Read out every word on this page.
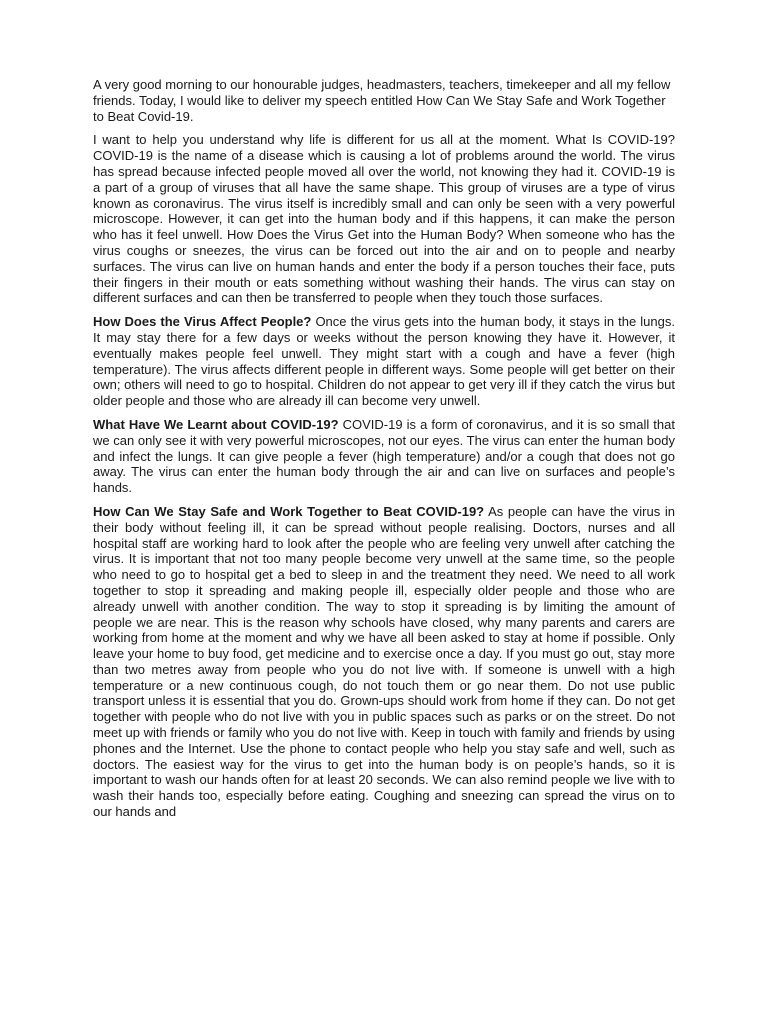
A very good morning to our honourable judges, headmasters, teachers, timekeeper and all my fellow friends. Today, I would like to deliver my speech entitled How Can We Stay Safe and Work Together to Beat Covid-19.

I want to help you understand why life is different for us all at the moment. What Is COVID-19? COVID-19 is the name of a disease which is causing a lot of problems around the world. The virus has spread because infected people moved all over the world, not knowing they had it. COVID-19 is a part of a group of viruses that all have the same shape. This group of viruses are a type of virus known as coronavirus. The virus itself is incredibly small and can only be seen with a very powerful microscope. However, it can get into the human body and if this happens, it can make the person who has it feel unwell. How Does the Virus Get into the Human Body? When someone who has the virus coughs or sneezes, the virus can be forced out into the air and on to people and nearby surfaces. The virus can live on human hands and enter the body if a person touches their face, puts their fingers in their mouth or eats something without washing their hands. The virus can stay on different surfaces and can then be transferred to people when they touch those surfaces.

How Does the Virus Affect People? Once the virus gets into the human body, it stays in the lungs. It may stay there for a few days or weeks without the person knowing they have it. However, it eventually makes people feel unwell. They might start with a cough and have a fever (high temperature). The virus affects different people in different ways. Some people will get better on their own; others will need to go to hospital. Children do not appear to get very ill if they catch the virus but older people and those who are already ill can become very unwell.

What Have We Learnt about COVID-19? COVID-19 is a form of coronavirus, and it is so small that we can only see it with very powerful microscopes, not our eyes. The virus can enter the human body and infect the lungs. It can give people a fever (high temperature) and/or a cough that does not go away. The virus can enter the human body through the air and can live on surfaces and people’s hands.

How Can We Stay Safe and Work Together to Beat COVID-19? As people can have the virus in their body without feeling ill, it can be spread without people realising. Doctors, nurses and all hospital staff are working hard to look after the people who are feeling very unwell after catching the virus. It is important that not too many people become very unwell at the same time, so the people who need to go to hospital get a bed to sleep in and the treatment they need. We need to all work together to stop it spreading and making people ill, especially older people and those who are already unwell with another condition. The way to stop it spreading is by limiting the amount of people we are near. This is the reason why schools have closed, why many parents and carers are working from home at the moment and why we have all been asked to stay at home if possible. Only leave your home to buy food, get medicine and to exercise once a day. If you must go out, stay more than two metres away from people who you do not live with. If someone is unwell with a high temperature or a new continuous cough, do not touch them or go near them. Do not use public transport unless it is essential that you do. Grown-ups should work from home if they can. Do not get together with people who do not live with you in public spaces such as parks or on the street. Do not meet up with friends or family who you do not live with. Keep in touch with family and friends by using phones and the Internet. Use the phone to contact people who help you stay safe and well, such as doctors. The easiest way for the virus to get into the human body is on people’s hands, so it is important to wash our hands often for at least 20 seconds. We can also remind people we live with to wash their hands too, especially before eating. Coughing and sneezing can spread the virus on to our hands and
